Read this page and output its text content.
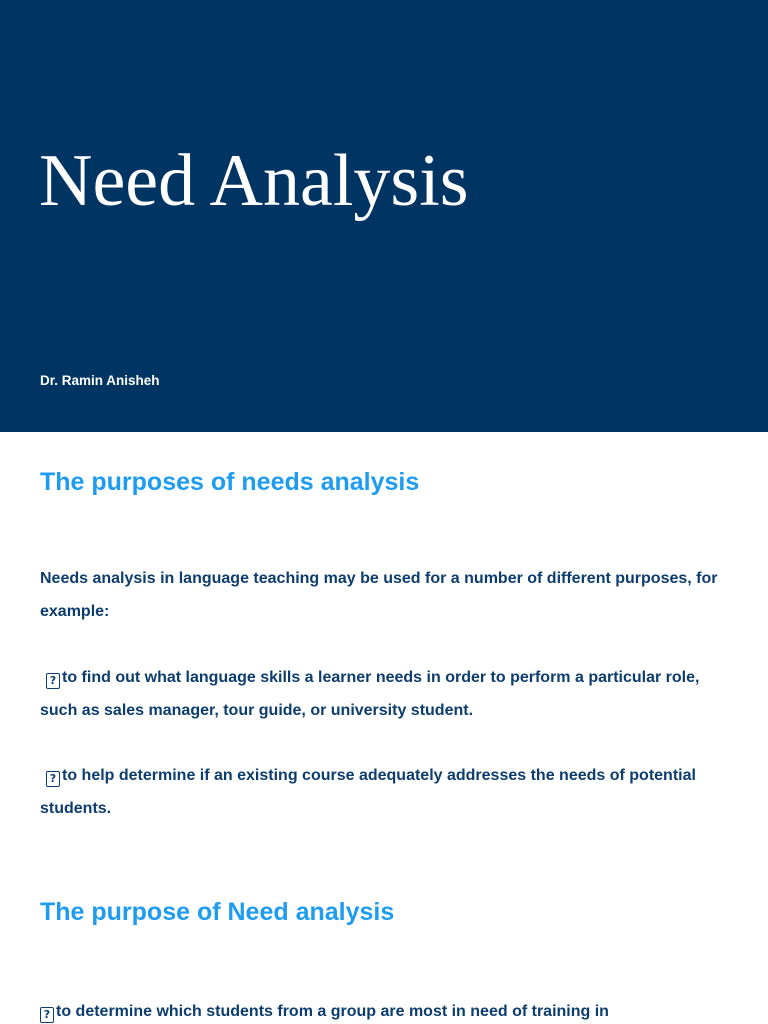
Need Analysis
Dr. Ramin Anisheh
The purposes of needs analysis

Needs analysis in language teaching may be used for a number of different purposes, for example:

? to find out what language skills a learner needs in order to perform a particular role, such as sales manager, tour guide, or university student.

? to help determine if an existing course adequately addresses the needs of potential students.

The purpose of Need analysis

? to determine which students from a group are most in need of training in
